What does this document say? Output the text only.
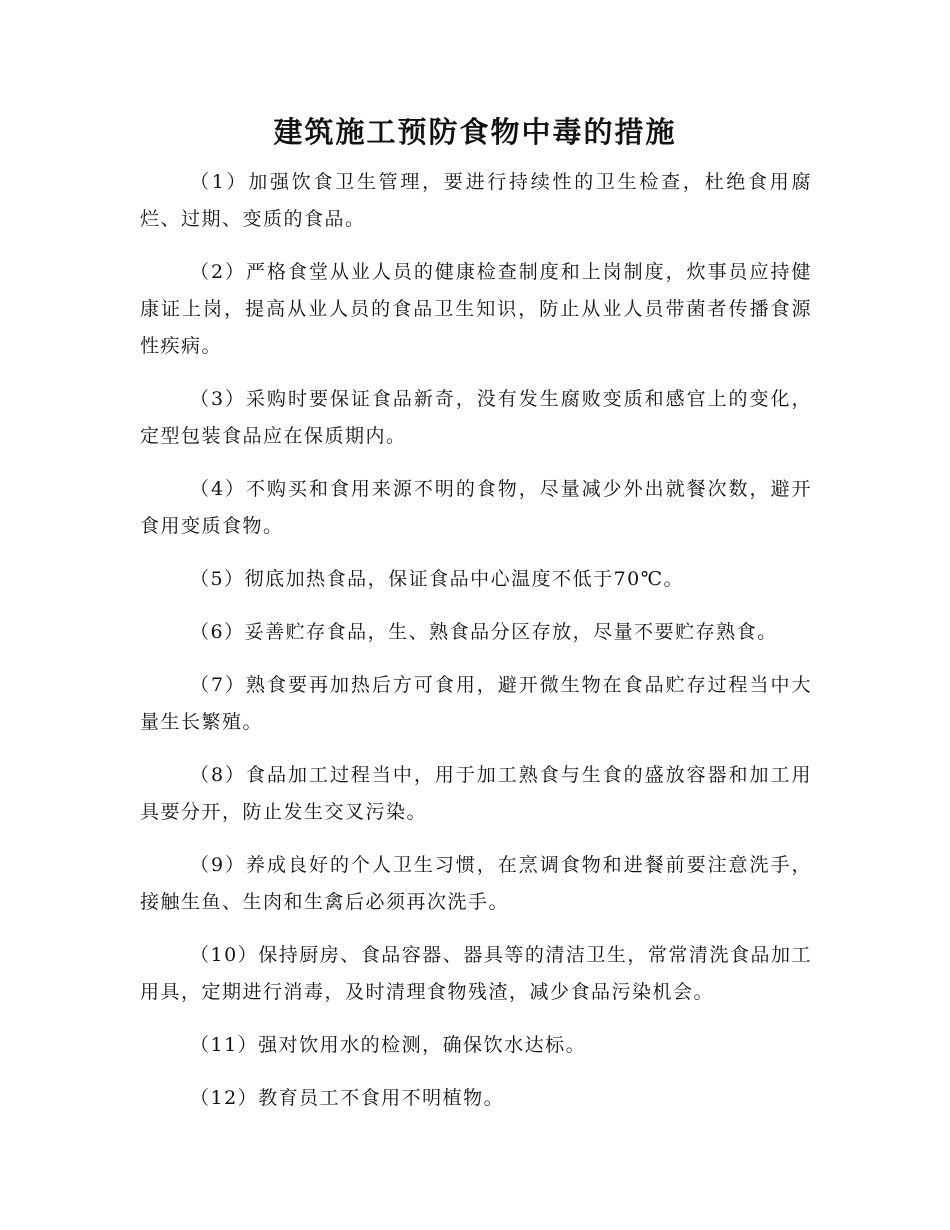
建筑施工预防食物中毒的措施

（1）加强饮食卫生管理，要进行持续性的卫生检查，杜绝食用腐烂、过期、变质的食品。

（2）严格食堂从业人员的健康检查制度和上岗制度，炊事员应持健康证上岗，提高从业人员的食品卫生知识，防止从业人员带菌者传播食源性疾病。

（3）采购时要保证食品新奇，没有发生腐败变质和感官上的变化，定型包装食品应在保质期内。

（4）不购买和食用来源不明的食物，尽量减少外出就餐次数，避开食用变质食物。

（5）彻底加热食品，保证食品中心温度不低于70℃。

（6）妥善贮存食品，生、熟食品分区存放，尽量不要贮存熟食。

（7）熟食要再加热后方可食用，避开微生物在食品贮存过程当中大量生长繁殖。

（8）食品加工过程当中，用于加工熟食与生食的盛放容器和加工用具要分开，防止发生交叉污染。

（9）养成良好的个人卫生习惯，在烹调食物和进餐前要注意洗手，接触生鱼、生肉和生禽后必须再次洗手。

（10）保持厨房、食品容器、器具等的清洁卫生，常常清洗食品加工用具，定期进行消毒，及时清理食物残渣，减少食品污染机会。

（11）强对饮用水的检测，确保饮水达标。

（12）教育员工不食用不明植物。
